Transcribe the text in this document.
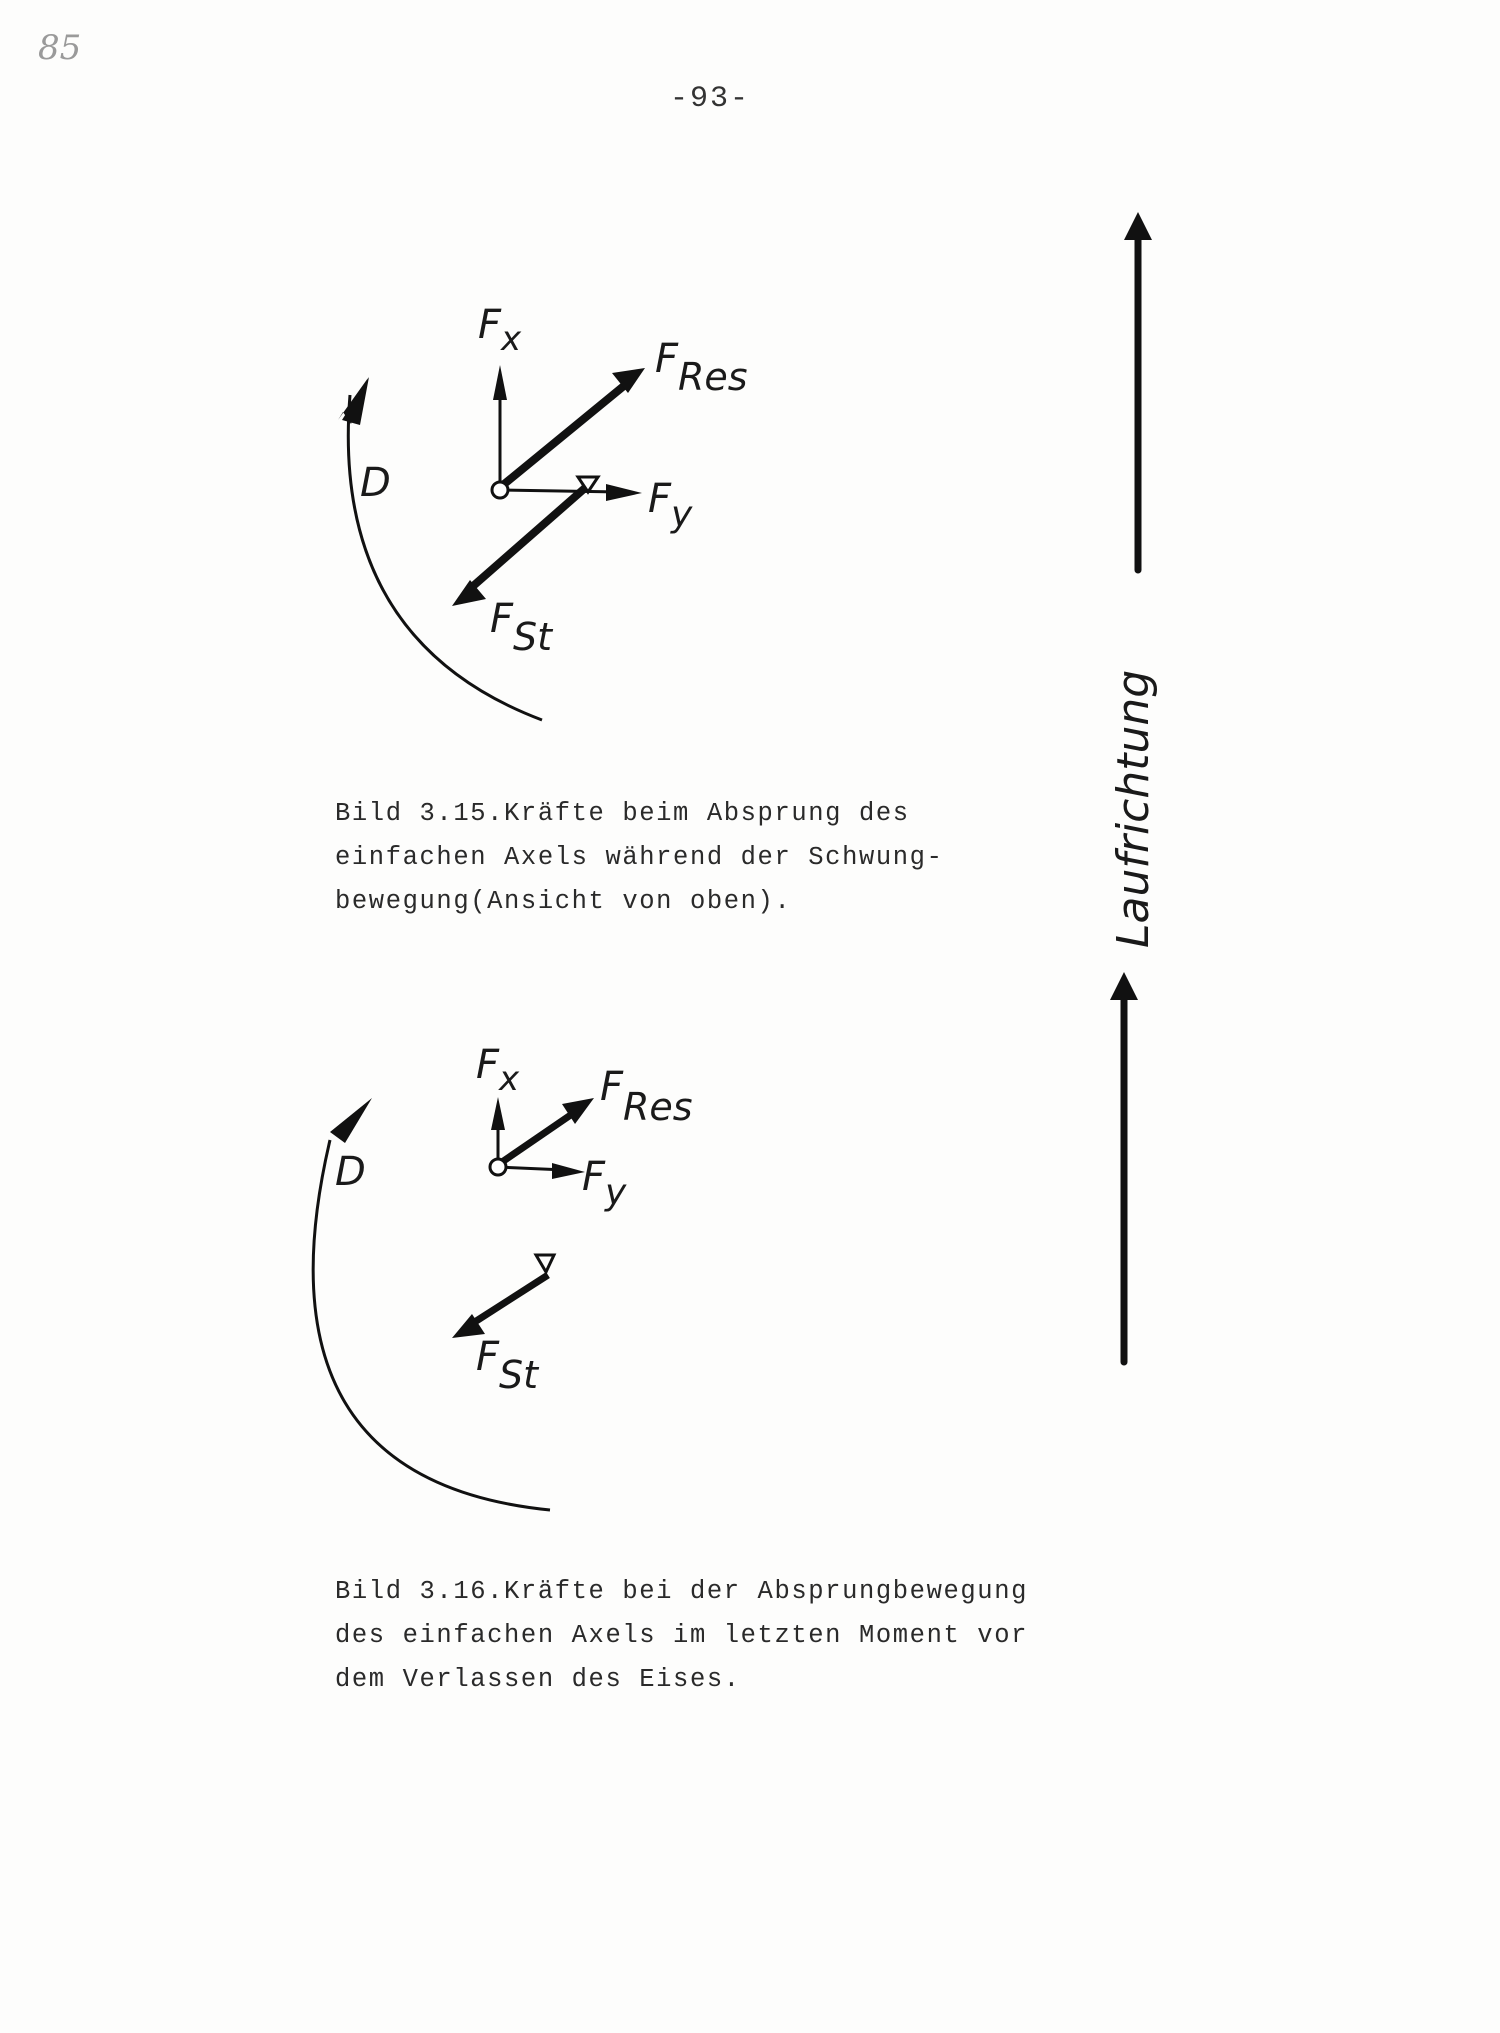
85
-93-
$F_x$	FRes
Fy
FSt
D
$F_x$ FRes
Fy
FSt
D
Laufrichtung
Bild 3.15.Kräfte beim Absprung des
einfachen Axels während der Schwung-
bewegung(Ansicht von oben).
Bild 3.16.Kräfte bei der Absprungbewegung
des einfachen Axels im letzten Moment vor
dem Verlassen des Eises.
